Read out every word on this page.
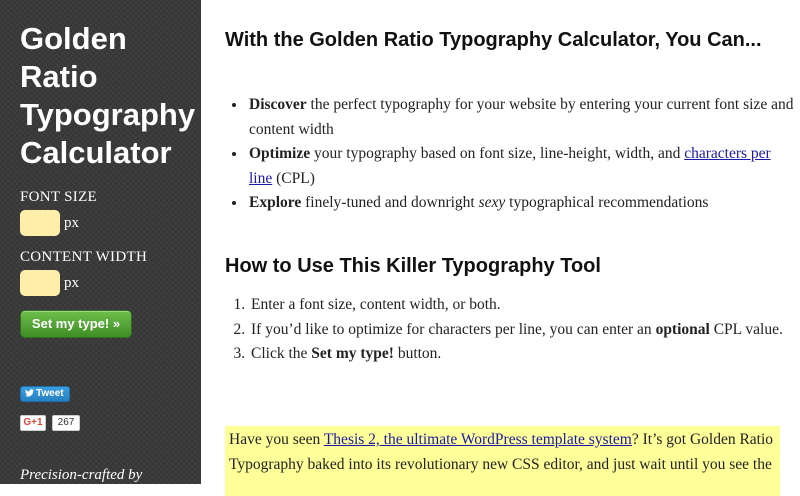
Golden Ratio Typography Calculator
FONT SIZE
px
CONTENT WIDTH
px
Set my type! »
Tweet
G+1	267
Precision-crafted by
With the Golden Ratio Typography Calculator, You Can...
• Discover the perfect typography for your website by entering your current font size and content width
• Optimize your typography based on font size, line-height, width, and characters per line (CPL)
• Explore finely-tuned and downright sexy typographical recommendations
How to Use This Killer Typography Tool
1. Enter a font size, content width, or both.
2. If you’d like to optimize for characters per line, you can enter an optional CPL value.
3. Click the Set my type! button.
Have you seen Thesis 2, the ultimate WordPress template system? It’s got Golden Ratio Typography baked into its revolutionary new CSS editor, and just wait until you see the
